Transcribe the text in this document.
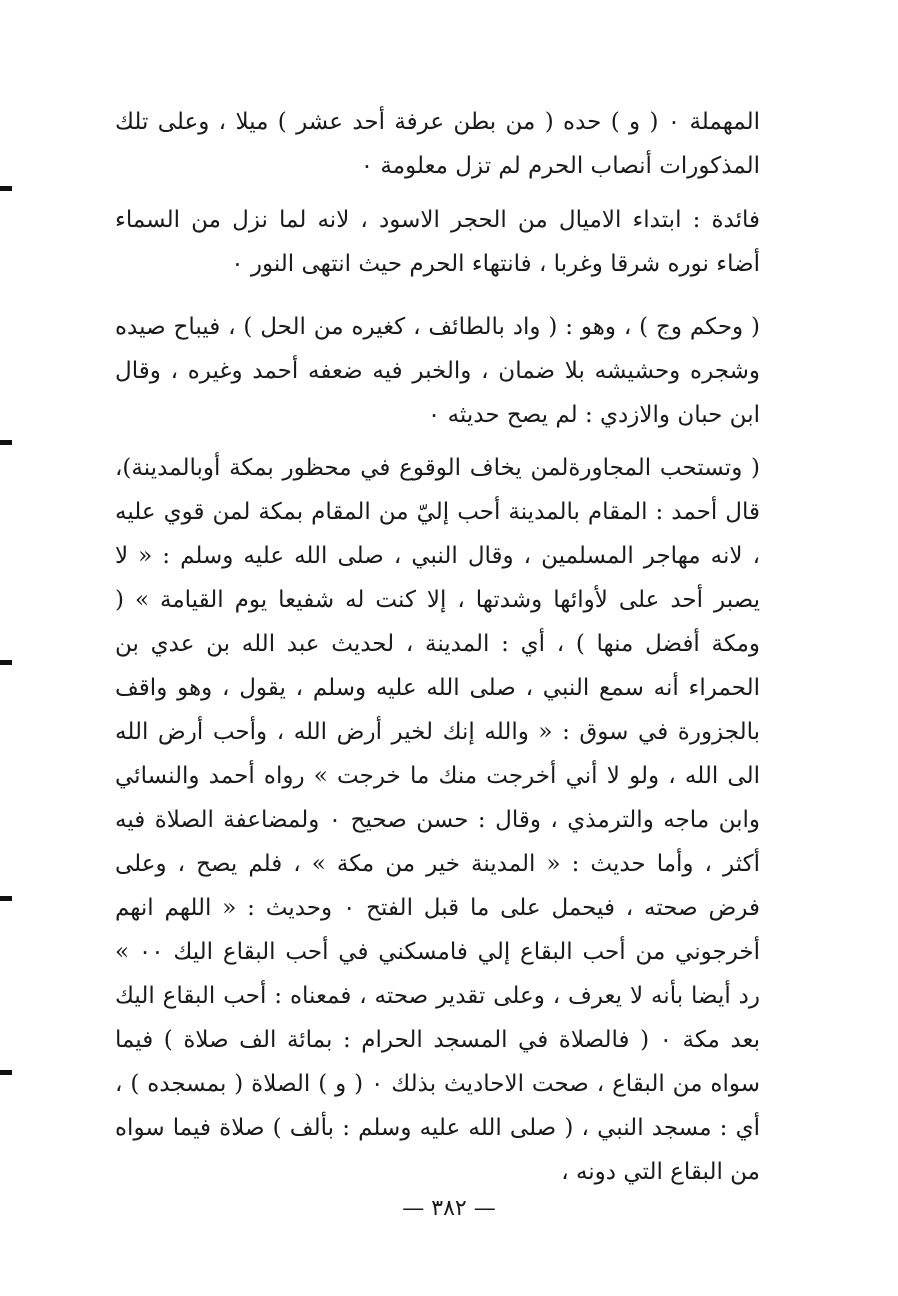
المهملة ٠ ( و ) حده ( من بطن عرفة أحد عشر ) ميلا ، وعلى تلك المذكورات أنصاب الحرم لم تزل معلومة ٠

فائدة : ابتداء الاميال من الحجر الاسود ، لانه لما نزل من السماء أضاء نوره شرقا وغربا ، فانتهاء الحرم حيث انتهى النور ٠

( وحكم وج ) ، وهو : ( واد بالطائف ، كغيره من الحل ) ، فيباح صيده وشجره وحشيشه بلا ضمان ، والخبر فيه ضعفه أحمد وغيره ، وقال ابن حبان والازدي : لم يصح حديثه ٠

( وتستحب المجاورةلمن يخاف الوقوع في محظور بمكة أوبالمدينة)، قال أحمد : المقام بالمدينة أحب إليّ من المقام بمكة لمن قوي عليه ، لانه مهاجر المسلمين ، وقال النبي ، صلى الله عليه وسلم : « لا يصبر أحد على لأوائها وشدتها ، إلا كنت له شفيعا يوم القيامة » ( ومكة أفضل منها ) ، أي : المدينة ، لحديث عبد الله بن عدي بن الحمراء أنه سمع النبي ، صلى الله عليه وسلم ، يقول ، وهو واقف بالجزورة في سوق : « والله إنك لخير أرض الله ، وأحب أرض الله الى الله ، ولو لا أني أخرجت منك ما خرجت » رواه أحمد والنسائي وابن ماجه والترمذي ، وقال : حسن صحيح ٠ ولمضاعفة الصلاة فيه أكثر ، وأما حديث : « المدينة خير من مكة » ، فلم يصح ، وعلى فرض صحته ، فيحمل على ما قبل الفتح ٠ وحديث : « اللهم انهم أخرجوني من أحب البقاع إلي فامسكني في أحب البقاع اليك ٠٠ » رد أيضا بأنه لا يعرف ، وعلى تقدير صحته ، فمعناه : أحب البقاع اليك بعد مكة ٠ ( فالصلاة في المسجد الحرام : بمائة الف صلاة ) فيما سواه من البقاع ، صحت الاحاديث بذلك ٠ ( و ) الصلاة ( بمسجده ) ، أي : مسجد النبي ، ( صلى الله عليه وسلم : بألف ) صلاة فيما سواه من البقاع التي دونه ،

— ٣٨٢ —
